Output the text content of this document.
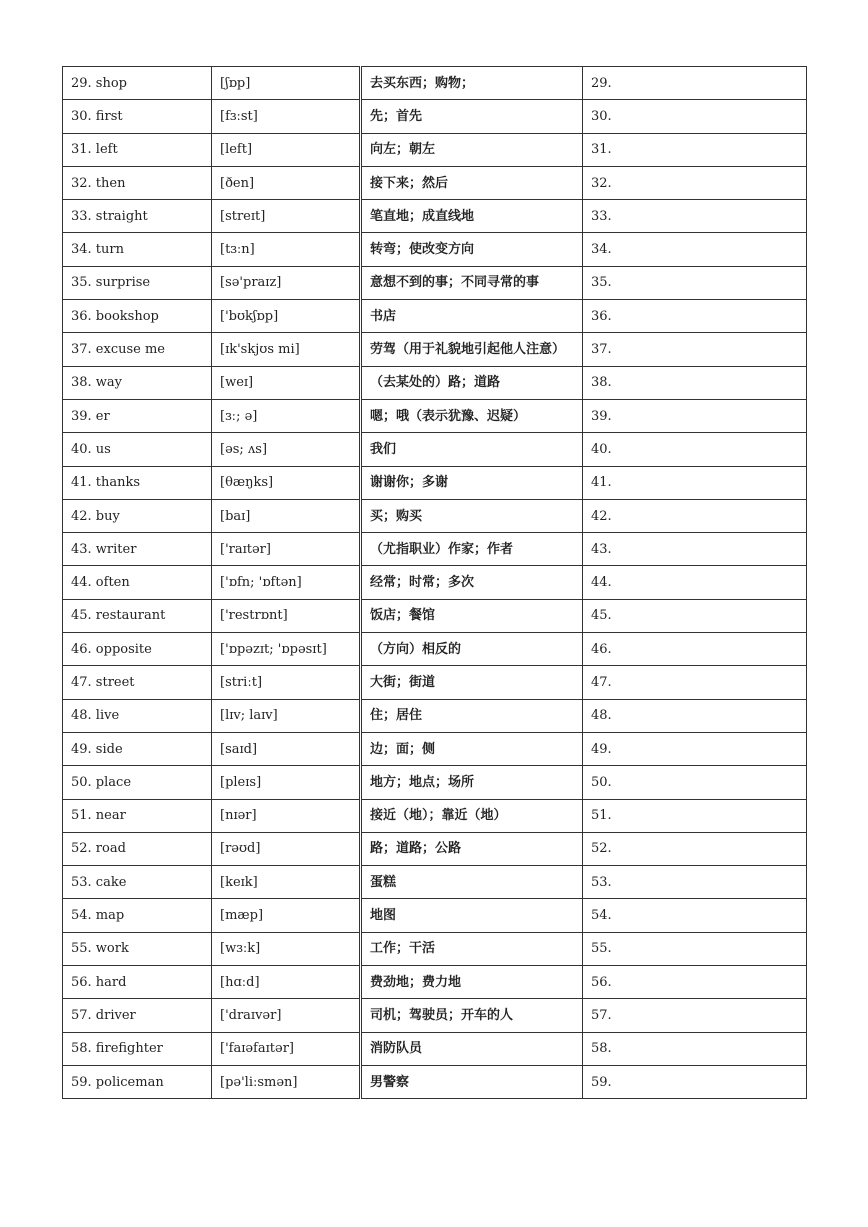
29. shop	[ʃɒp]	去买东西；购物；	29.
30. first	[fɜːst]	先；首先	30.
31. left	[left]	向左；朝左	31.
32. then	[ðen]	接下来；然后	32.
33. straight	[streɪt]	笔直地；成直线地	33.
34. turn	[tɜːn]	转弯；使改变方向	34.
35. surprise	[sə'praɪz]	意想不到的事；不同寻常的事	35.
36. bookshop	['bʊkʃɒp]	书店	36.
37. excuse me	[ɪk'skjʊs mi]	劳驾（用于礼貌地引起他人注意）	37.
38. way	[weɪ]	（去某处的）路；道路	38.
39. er	[ɜː; ə]	嗯；哦（表示犹豫、迟疑）	39.
40. us	[əs; ʌs]	我们	40.
41. thanks	[θæŋks]	谢谢你；多谢	41.
42. buy	[baɪ]	买；购买	42.
43. writer	['raɪtər]	（尤指职业）作家；作者	43.
44. often	['ɒfn; 'ɒftən]	经常；时常；多次	44.
45. restaurant	['restrɒnt]	饭店；餐馆	45.
46. opposite	['ɒpəzɪt; 'ɒpəsɪt]	（方向）相反的	46.
47. street	[striːt]	大街；街道	47.
48. live	[lɪv; laɪv]	住；居住	48.
49. side	[saɪd]	边；面；侧	49.
50. place	[pleɪs]	地方；地点；场所	50.
51. near	[nɪər]	接近（地）；靠近（地）	51.
52. road	[rəʊd]	路；道路；公路	52.
53. cake	[keɪk]	蛋糕	53.
54. map	[mæp]	地图	54.
55. work	[wɜːk]	工作；干活	55.
56. hard	[hɑːd]	费劲地；费力地	56.
57. driver	['draɪvər]	司机；驾驶员；开车的人	57.
58. firefighter	['faɪəfaɪtər]	消防队员	58.
59. policeman	[pə'liːsmən]	男警察	59.
